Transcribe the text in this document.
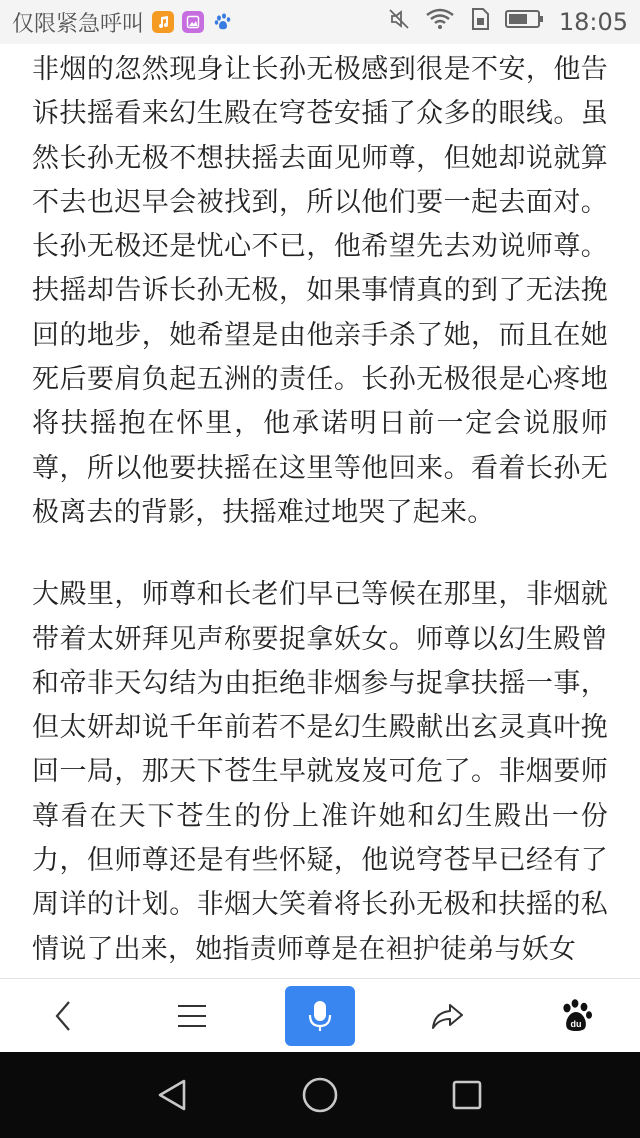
仅限紧急呼叫	18:05

非烟的忽然现身让长孙无极感到很是不安，他告诉扶摇看来幻生殿在穹苍安插了众多的眼线。虽然长孙无极不想扶摇去面见师尊，但她却说就算不去也迟早会被找到，所以他们要一起去面对。长孙无极还是忧心不已，他希望先去劝说师尊。扶摇却告诉长孙无极，如果事情真的到了无法挽回的地步，她希望是由他亲手杀了她，而且在她死后要肩负起五洲的责任。长孙无极很是心疼地将扶摇抱在怀里，他承诺明日前一定会说服师尊，所以他要扶摇在这里等他回来。看着长孙无极离去的背影，扶摇难过地哭了起来。

大殿里，师尊和长老们早已等候在那里，非烟就带着太妍拜见声称要捉拿妖女。师尊以幻生殿曾和帝非天勾结为由拒绝非烟参与捉拿扶摇一事，但太妍却说千年前若不是幻生殿献出玄灵真叶挽回一局，那天下苍生早就岌岌可危了。非烟要师尊看在天下苍生的份上准许她和幻生殿出一份力，但师尊还是有些怀疑，他说穹苍早已经有了周详的计划。非烟大笑着将长孙无极和扶摇的私情说了出来，她指责师尊是在袒护徒弟与妖女

du
